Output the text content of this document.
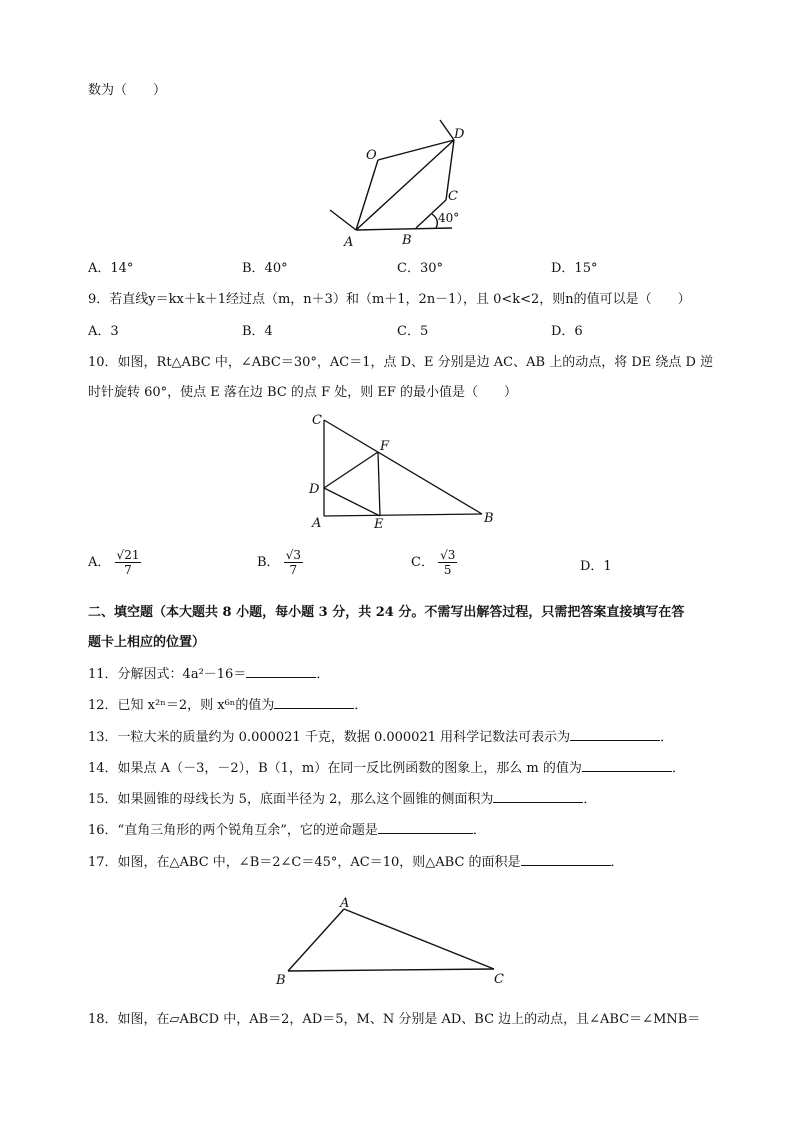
数为（　　）
O
D
C
A	B
40°
A．14°	B．40°	C．30°	D．15°
9．若直线y＝kx＋k＋1经过点（m，n＋3）和（m＋1，2n－1），且 0<k<2，则n的值可以是（　　）
A．3	B．4	C．5	D．6
10．如图，Rt△ABC 中，∠ABC＝30°，AC＝1，点 D、E 分别是边 AC、AB 上的动点，将 DE 绕点 D 逆
时针旋转 60°，使点 E 落在边 BC 的点 F 处，则 EF 的最小值是（　　）
C
F
D
A	E	B
A． √ $\frac{21}{7}$	B． √ $\frac{3}{7}$	C． √ $\frac{3}{5}$	D．1
二、填空题（本大题共 8 小题，每小题 3 分，共 24 分。不需写出解答过程，只需把答案直接填写在答
题卡上相应的位置）
11．分解因式：4a²－16＝	．
12．已知 x²ⁿ＝2，则 x⁶ⁿ的值为	．
13．一粒大米的质量约为 0.000021 千克，数据 0.000021 用科学记数法可表示为	．
14．如果点 A（－3，－2），B（1，m）在同一反比例函数的图象上，那么 m 的值为	．
15．如果圆锥的母线长为 5，底面半径为 2，那么这个圆锥的侧面积为	．
16．“直角三角形的两个锐角互余”，它的逆命题是	．
17．如图，在△ABC 中，∠B＝2∠C＝45°，AC＝10，则△ABC 的面积是	．
A
B	C
18．如图，在▱ABCD 中，AB＝2，AD＝5，M、N 分别是 AD、BC 边上的动点，且∠ABC＝∠MNB＝
